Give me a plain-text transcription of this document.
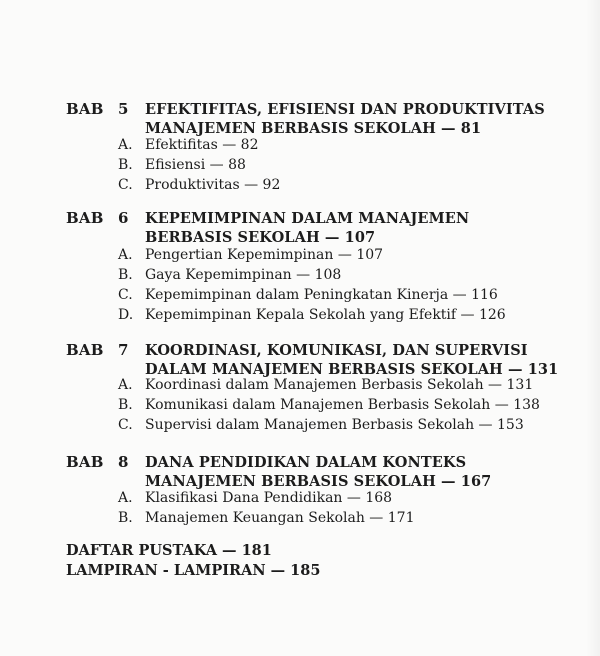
BAB 5 EFEKTIFITAS, EFISIENSI DAN PRODUKTIVITAS
MANAJEMEN BERBASIS SEKOLAH — 81
A. Efektifitas — 82
B. Efisiensi — 88
C. Produktivitas — 92
BAB 6 KEPEMIMPINAN DALAM MANAJEMEN
BERBASIS SEKOLAH — 107
A. Pengertian Kepemimpinan — 107
B. Gaya Kepemimpinan — 108
C. Kepemimpinan dalam Peningkatan Kinerja — 116
D. Kepemimpinan Kepala Sekolah yang Efektif — 126
BAB 7 KOORDINASI, KOMUNIKASI, DAN SUPERVISI
DALAM MANAJEMEN BERBASIS SEKOLAH — 131
A. Koordinasi dalam Manajemen Berbasis Sekolah — 131
B. Komunikasi dalam Manajemen Berbasis Sekolah — 138
C. Supervisi dalam Manajemen Berbasis Sekolah — 153
BAB 8 DANA PENDIDIKAN DALAM KONTEKS
MANAJEMEN BERBASIS SEKOLAH — 167
A. Klasifikasi Dana Pendidikan — 168
B. Manajemen Keuangan Sekolah — 171
DAFTAR PUSTAKA — 181
LAMPIRAN - LAMPIRAN — 185
